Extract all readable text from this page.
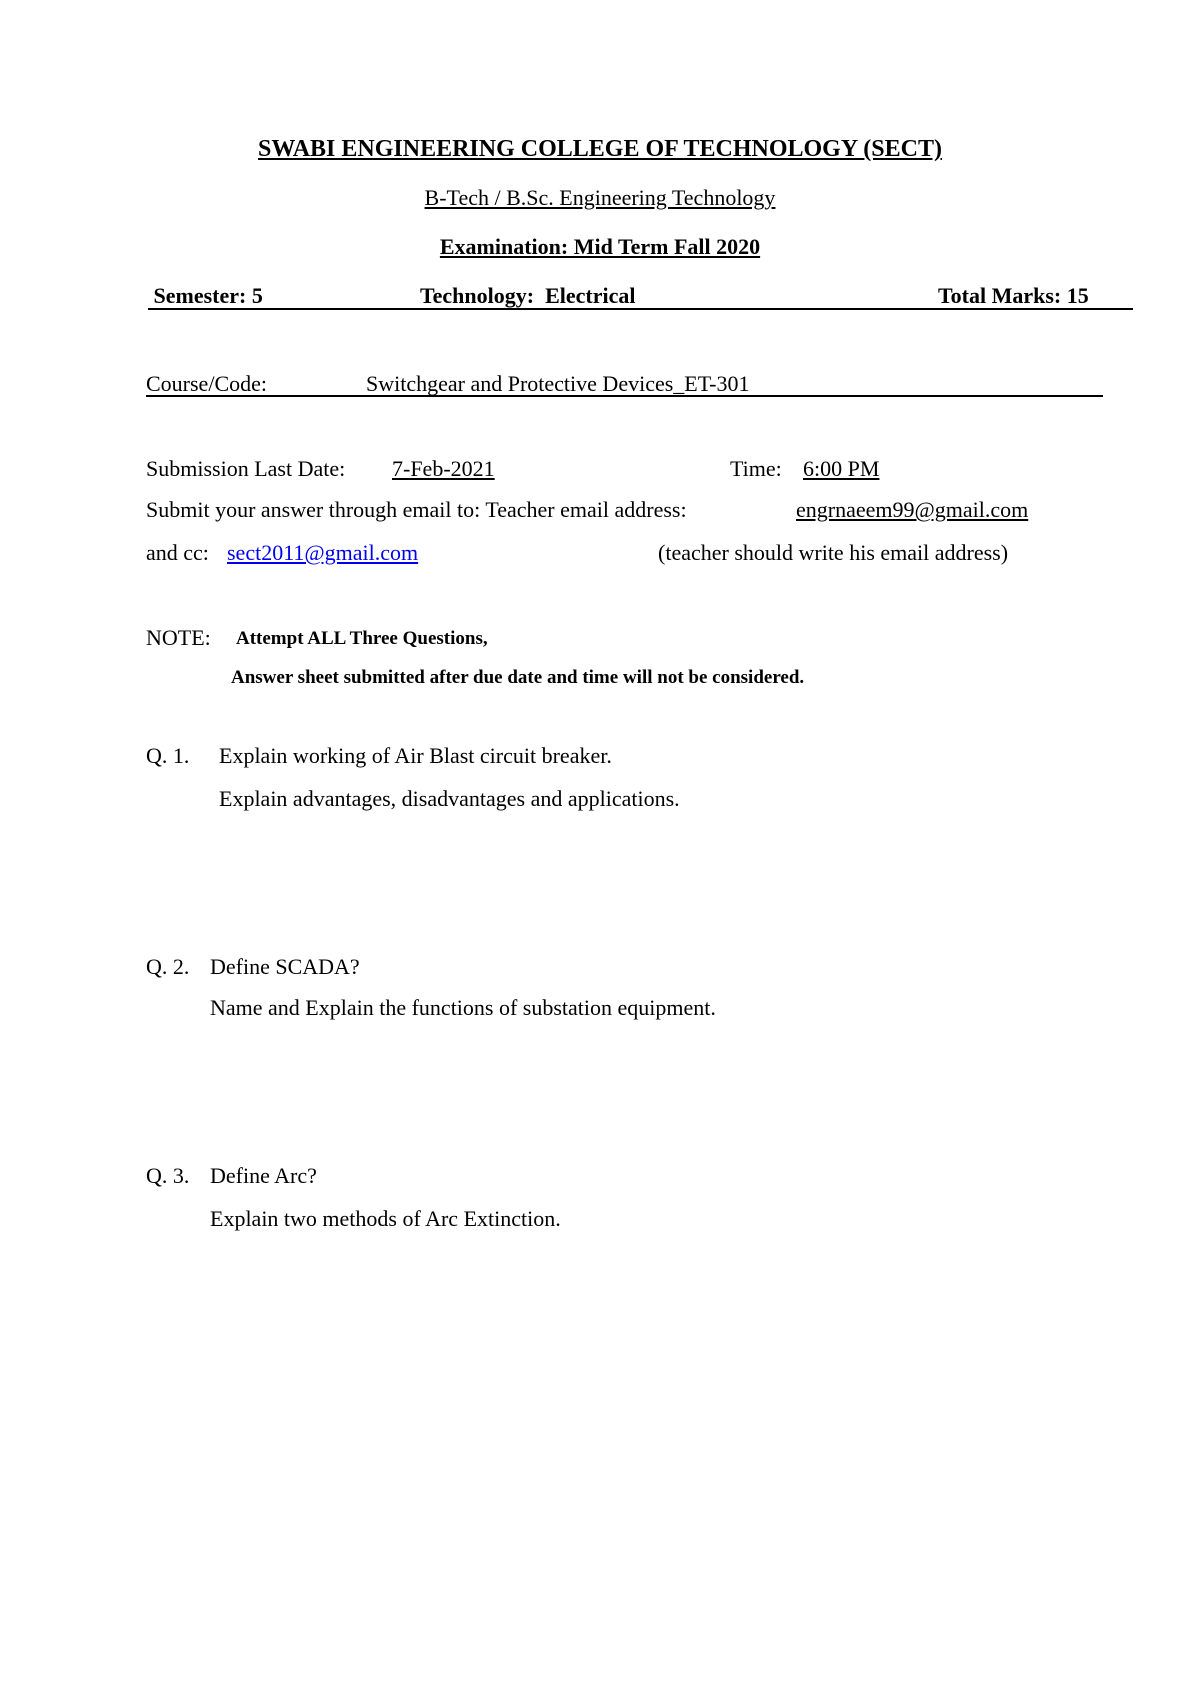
SWABI ENGINEERING COLLEGE OF TECHNOLOGY (SECT)
B-Tech / B.Sc. Engineering Technology
Examination: Mid Term Fall 2020
Semester: 5	Technology:  Electrical	Total Marks: 15
Course/Code:	Switchgear and Protective Devices_ET-301
Submission Last Date: 7-Feb-2021	Time: 6:00 PM
Submit your answer through email to: Teacher email address:	engrnaeem99@gmail.com
and cc: sect2011@gmail.com	(teacher should write his email address)
NOTE: Attempt ALL Three Questions,
Answer sheet submitted after due date and time will not be considered.
Q. 1. Explain working of Air Blast circuit breaker.
Explain advantages, disadvantages and applications.
Q. 2. Define SCADA?
Name and Explain the functions of substation equipment.
Q. 3. Define Arc?
Explain two methods of Arc Extinction.
